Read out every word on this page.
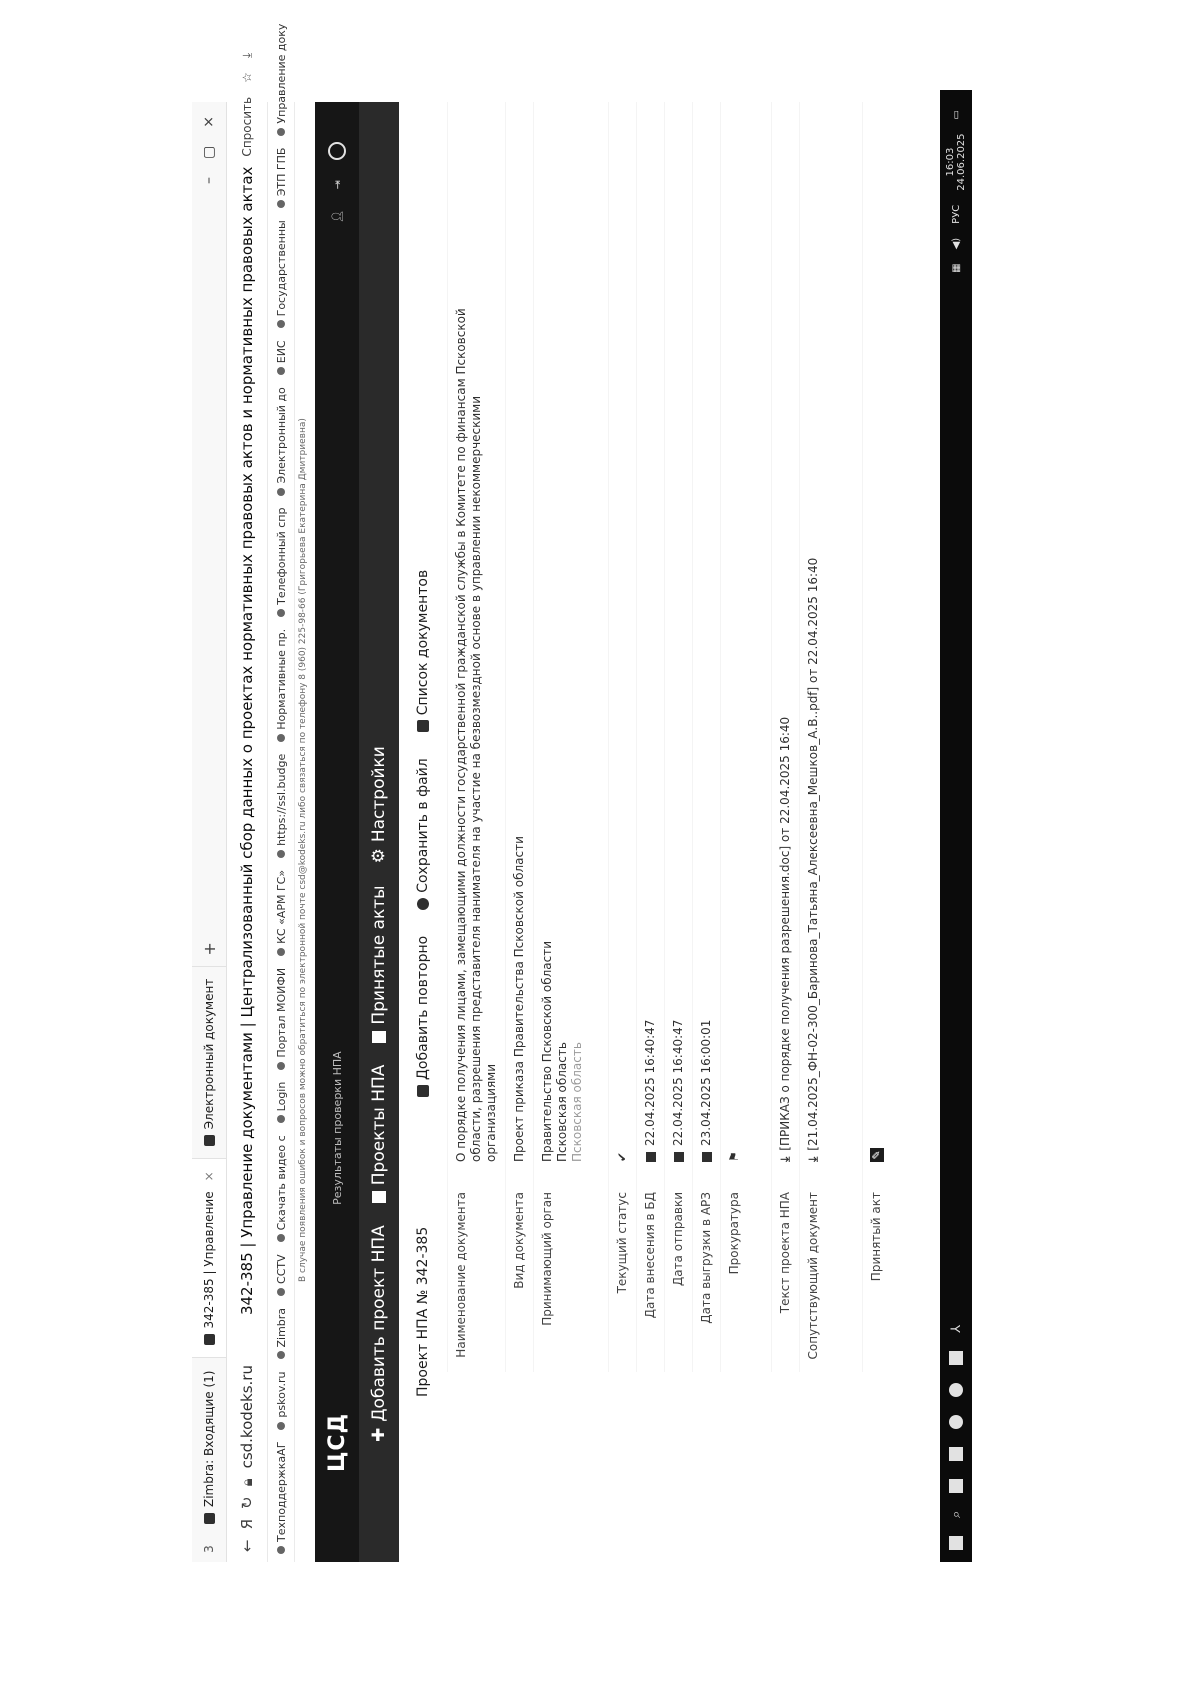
3
Zimbra: Входящие (1)
342-385 | Управление
×
Электронный документ
+
–
▢
×
←
Я
↻
🔒︎
csd.kodeks.ru
342-385 | Управление документами | Централизованный сбор данных о проектах нормативных правовых актов и нормативных правовых актах
Спросить
☆
⤓
ТехподдержкаАГ
pskov.ru
Zimbra
CCTV
Скачать видео с
Login
Портал МОИФИ
КС «АРМ ГС»
https://ssl.budge
Нормативные пр.
Телефонный спр
Электронный до
ЕИС
Государственны
ЭТП ГПБ
Управление доку
В случае появления ошибок и вопросов можно обратиться по электронной почте csd@kodeks.ru либо связаться по телефону 8 (960) 225-98-66 (Григорьева Екатерина Дмитриевна)
ЦСД
Результаты проверки НПА
👤︎
⇥
✚
Добавить проект НПА
Проекты НПА
Принятые акты
⚙
Настройки
Проект НПА № 342-385
Добавить повторно
Сохранить в файл
Список документов
Наименование документа
О порядке получения лицами, замещающими должности государственной гражданской службы в Комитете по финансам Псковской области, разрешения представителя нанимателя на участие на безвозмездной основе в управлении некоммерческими организациями
Вид документа
Проект приказа Правительства Псковской области
Принимающий орган
Правительство Псковской области Псковская область Псковская область
Текущий статус
✔
Дата внесения в БД
22.04.2025 16:40:47
Дата отправки
22.04.2025 16:40:47
Дата выгрузки в АРЗ
23.04.2025 16:00:01
Прокуратура
⚑
Текст проекта НПА
⤓[ПРИКАЗ о порядке получения разрешения.doc] от 22.04.2025 16:40
Сопутствующий документ
⤓[21.04.2025_ФН-02-300_Баринова_Татьяна_Алексеевна_Мешков_А.В..pdf] от 22.04.2025 16:40
Принятый акт
✎
⌕
⅄
▦
◀︎)
РУС
16:03
24.06.2025
▭
